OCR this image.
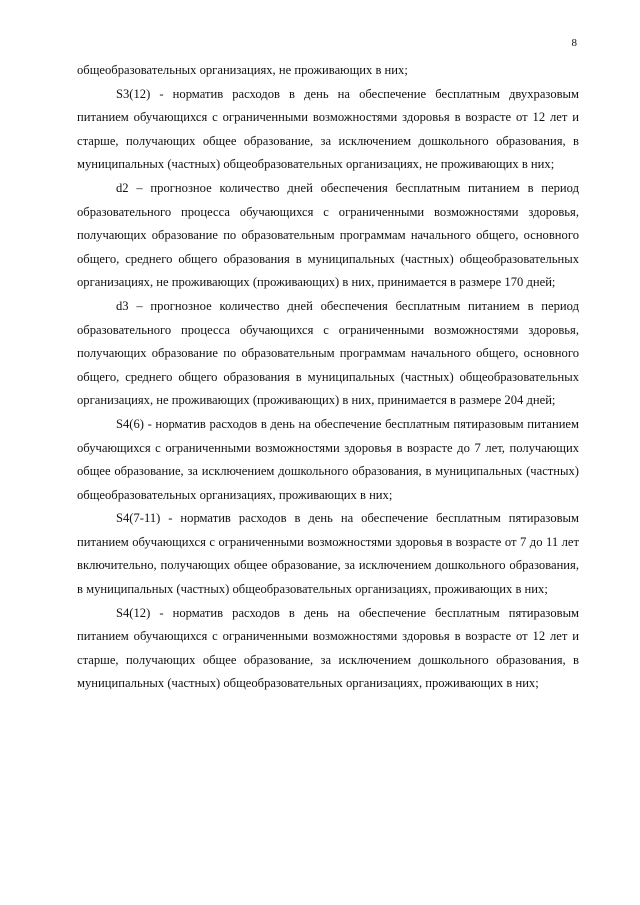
8

общеобразовательных организациях, не проживающих в них;

S3(12) - норматив расходов в день на обеспечение бесплатным двухразовым питанием обучающихся с ограниченными возможностями здоровья в возрасте от 12 лет и старше, получающих общее образование, за исключением дошкольного образования, в муниципальных (частных) общеобразовательных организациях, не проживающих в них;

d2 – прогнозное количество дней обеспечения бесплатным питанием в период образовательного процесса обучающихся с ограниченными возможностями здоровья, получающих образование по образовательным программам начального общего, основного общего, среднего общего образования в муниципальных (частных) общеобразовательных организациях, не проживающих (проживающих) в них, принимается в размере 170 дней;

d3 – прогнозное количество дней обеспечения бесплатным питанием в период образовательного процесса обучающихся с ограниченными возможностями здоровья, получающих образование по образовательным программам начального общего, основного общего, среднего общего образования в муниципальных (частных) общеобразовательных организациях, не проживающих (проживающих) в них, принимается в размере 204 дней;

S4(6) - норматив расходов в день на обеспечение бесплатным пятиразовым питанием обучающихся с ограниченными возможностями здоровья в возрасте до 7 лет, получающих общее образование, за исключением дошкольного образования, в муниципальных (частных) общеобразовательных организациях, проживающих в них;

S4(7-11) - норматив расходов в день на обеспечение бесплатным пятиразовым питанием обучающихся с ограниченными возможностями здоровья в возрасте от 7 до 11 лет включительно, получающих общее образование, за исключением дошкольного образования, в муниципальных (частных) общеобразовательных организациях, проживающих в них;

S4(12) - норматив расходов в день на обеспечение бесплатным пятиразовым питанием обучающихся с ограниченными возможностями здоровья в возрасте от 12 лет и старше, получающих общее образование, за исключением дошкольного образования, в муниципальных (частных) общеобразовательных организациях, проживающих в них;
